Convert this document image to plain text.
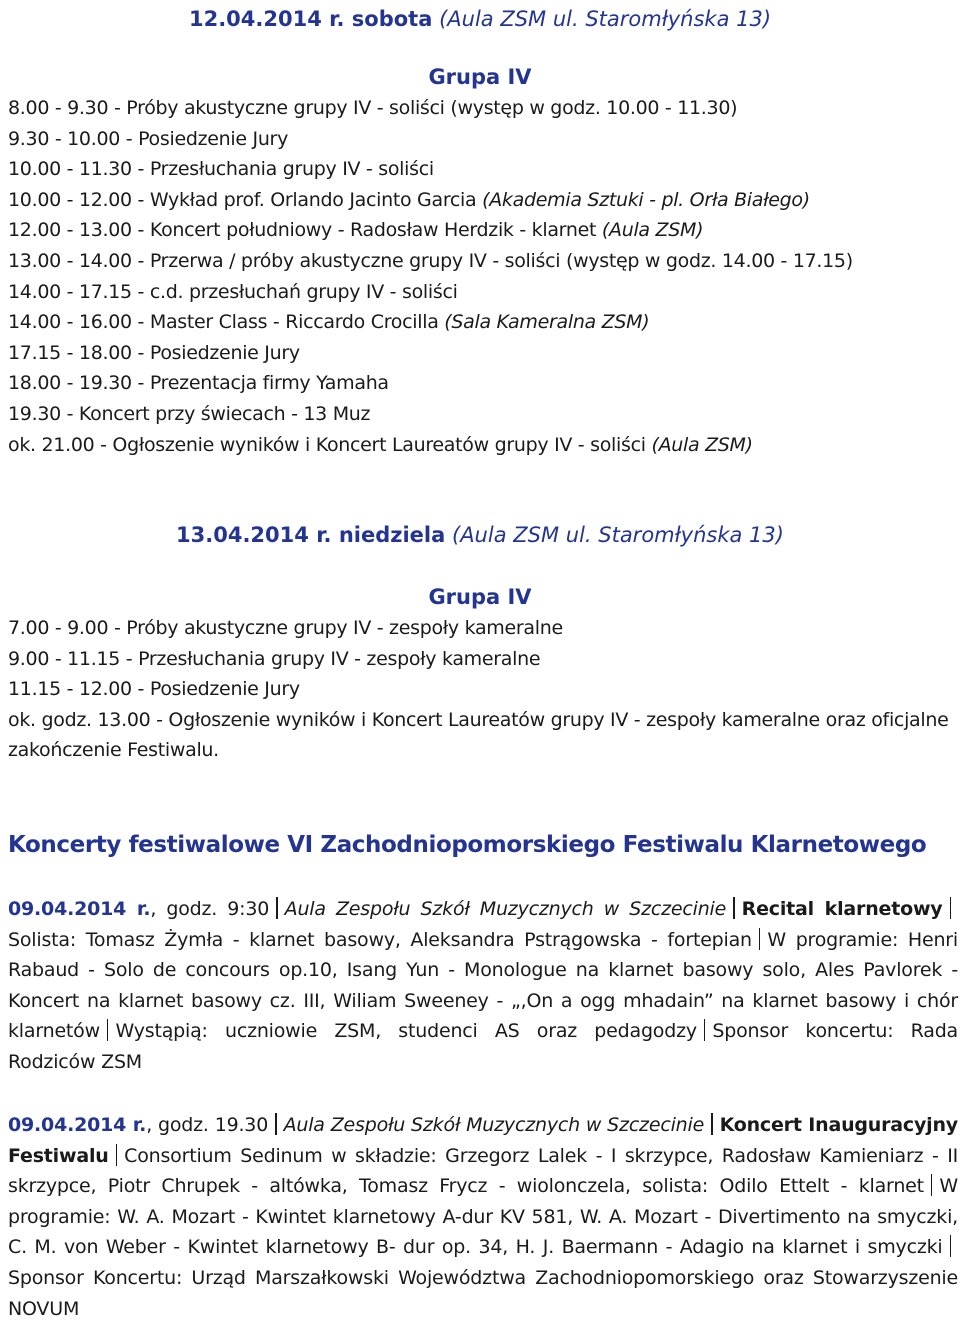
12.04.2014 r. sobota (Aula ZSM ul. Staromłyńska 13)
Grupa IV
8.00 - 9.30 - Próby akustyczne grupy IV - soliści (występ w godz. 10.00 - 11.30)
9.30 - 10.00 - Posiedzenie Jury
10.00 - 11.30 - Przesłuchania grupy IV - soliści
10.00 - 12.00 - Wykład prof. Orlando Jacinto Garcia (Akademia Sztuki - pl. Orła Białego)
12.00 - 13.00 - Koncert południowy - Radosław Herdzik - klarnet (Aula ZSM)
13.00 - 14.00 - Przerwa / próby akustyczne grupy IV - soliści (występ w godz. 14.00 - 17.15)
14.00 - 17.15 - c.d. przesłuchań grupy IV - soliści
14.00 - 16.00 - Master Class - Riccardo Crocilla (Sala Kameralna ZSM)
17.15 - 18.00 - Posiedzenie Jury
18.00 - 19.30 - Prezentacja firmy Yamaha
19.30 - Koncert przy świecach - 13 Muz
ok. 21.00 - Ogłoszenie wyników i Koncert Laureatów grupy IV - soliści (Aula ZSM)
13.04.2014 r. niedziela (Aula ZSM ul. Staromłyńska 13)
Grupa IV
7.00 - 9.00 - Próby akustyczne grupy IV - zespoły kameralne
9.00 - 11.15 - Przesłuchania grupy IV - zespoły kameralne
11.15 - 12.00 - Posiedzenie Jury
ok. godz. 13.00 - Ogłoszenie wyników i Koncert Laureatów grupy IV - zespoły kameralne oraz oficjalne zakończenie Festiwalu.
Koncerty festiwalowe VI Zachodniopomorskiego Festiwalu Klarnetowego

09.04.2014 r., godz. 9:30 Aula Zespołu Szkół Muzycznych w Szczecinie Recital klarnetowySolista: Tomasz Żymła - klarnet basowy, Aleksandra Pstrągowska - fortepian W programie: Henri Rabaud - Solo de concours op.10, Isang Yun - Monologue na klarnet basowy solo, Ales Pavlorek - Koncert na klarnet basowy cz. III, Wiliam Sweeney - „,On a ogg mhadain” na klarnet basowy i chór klarnetów Wystąpią: uczniowie ZSM, studenci AS oraz pedagodzy Sponsor koncertu: Rada Rodziców ZSM

09.04.2014 r., godz. 19.30 Aula Zespołu Szkół Muzycznych w Szczecinie Koncert Inauguracyjny Festiwalu Consortium Sedinum w składzie: Grzegorz Lalek - I skrzypce, Radosław Kamieniarz - II skrzypce, Piotr Chrupek - altówka, Tomasz Frycz - wiolonczela, solista: Odilo Ettelt - klarnet W programie: W. A. Mozart - Kwintet klarnetowy A-dur KV 581, W. A. Mozart - Divertimento na smyczki, C. M. von Weber - Kwintet klarnetowy B- dur op. 34, H. J. Baermann - Adagio na klarnet i smyczkiSponsor Koncertu: Urząd Marszałkowski Województwa Zachodniopomorskiego oraz Stowarzyszenie NOVUM
